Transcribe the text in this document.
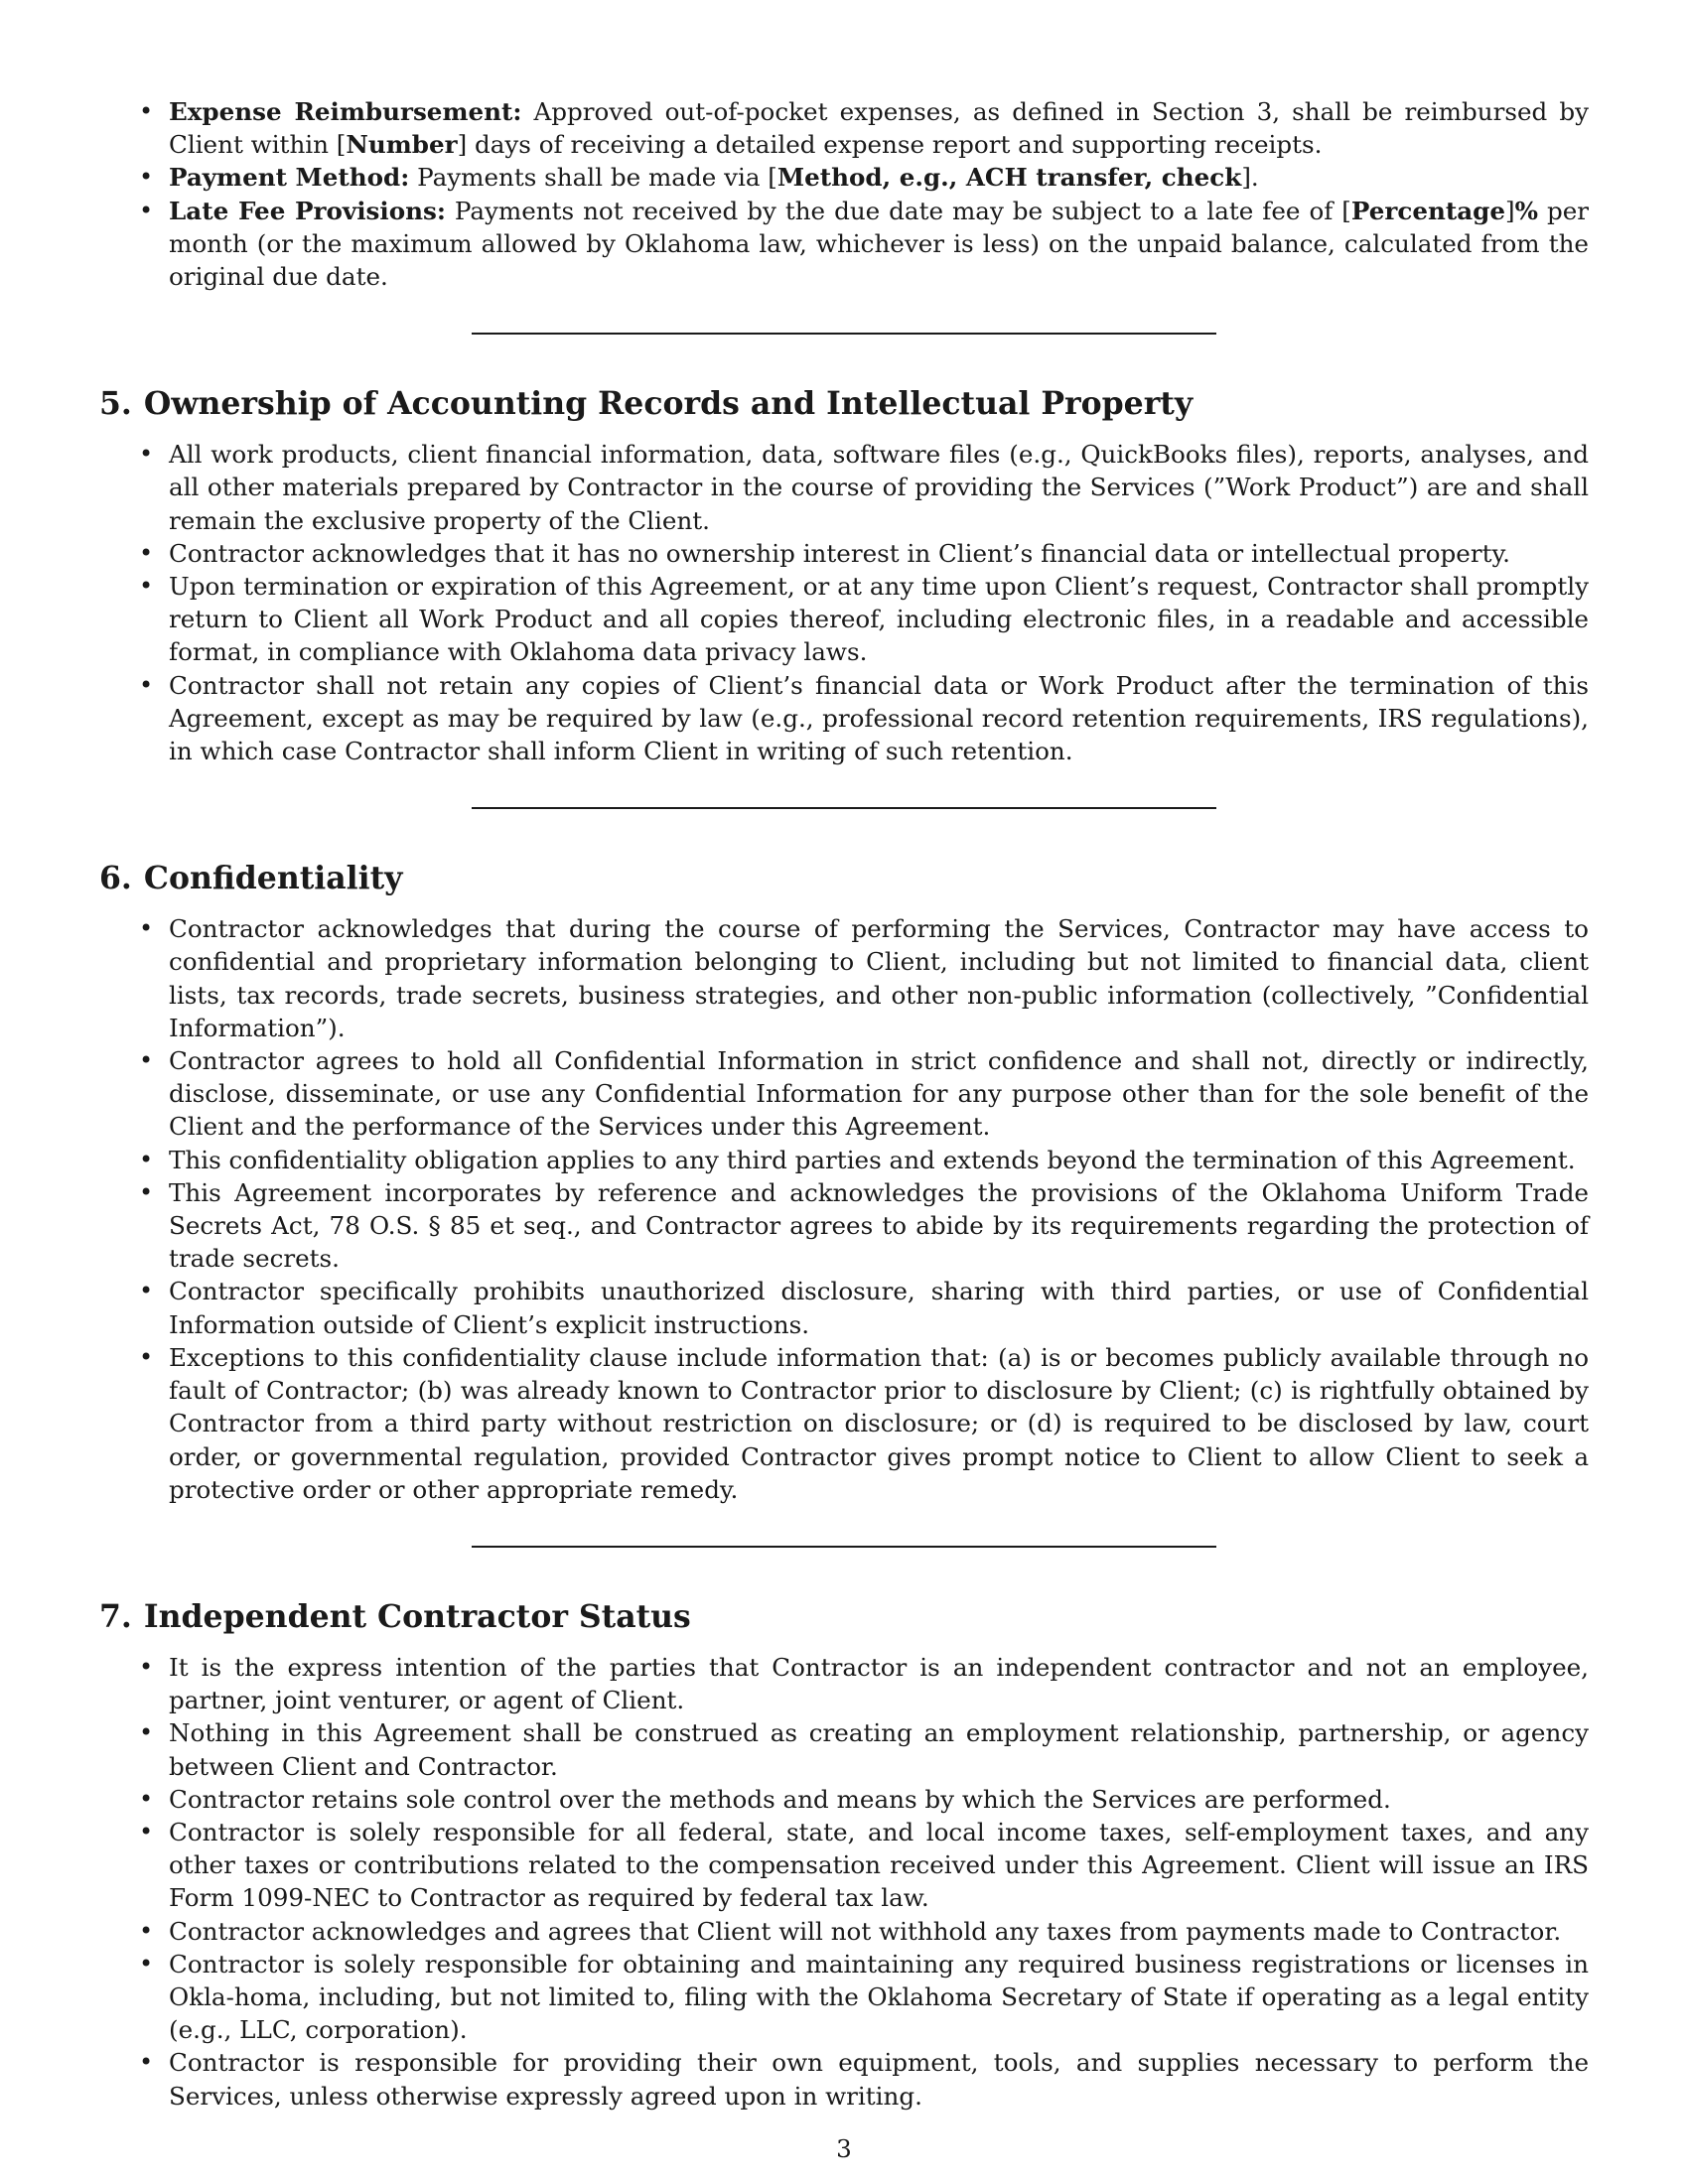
• Expense Reimbursement: Approved out-of-pocket expenses, as defined in Section 3, shall be reimbursed by Client within [Number] days of receiving a detailed expense report and supporting receipts.
• Payment Method: Payments shall be made via [Method, e.g., ACH transfer, check].
• Late Fee Provisions: Payments not received by the due date may be subject to a late fee of [Percentage]% per month (or the maximum allowed by Oklahoma law, whichever is less) on the unpaid balance, calculated from the original due date.
5. Ownership of Accounting Records and Intellectual Property
• All work products, client financial information, data, software files (e.g., QuickBooks files), reports, analyses, and all other materials prepared by Contractor in the course of providing the Services (”Work Product”) are and shall remain the exclusive property of the Client.
• Contractor acknowledges that it has no ownership interest in Client’s financial data or intellectual property.
• Upon termination or expiration of this Agreement, or at any time upon Client’s request, Contractor shall promptly return to Client all Work Product and all copies thereof, including electronic files, in a readable and accessible format, in compliance with Oklahoma data privacy laws.
• Contractor shall not retain any copies of Client’s financial data or Work Product after the termination of this Agreement, except as may be required by law (e.g., professional record retention requirements, IRS regulations), in which case Contractor shall inform Client in writing of such retention.
6. Confidentiality
• Contractor acknowledges that during the course of performing the Services, Contractor may have access to confidential and proprietary information belonging to Client, including but not limited to financial data, client lists, tax records, trade secrets, business strategies, and other non-public information (collectively, ”Confidential Information”).
• Contractor agrees to hold all Confidential Information in strict confidence and shall not, directly or indirectly, disclose, disseminate, or use any Confidential Information for any purpose other than for the sole benefit of the Client and the performance of the Services under this Agreement.
• This confidentiality obligation applies to any third parties and extends beyond the termination of this Agreement.
• This Agreement incorporates by reference and acknowledges the provisions of the Oklahoma Uniform Trade Secrets Act, 78 O.S. § 85 et seq., and Contractor agrees to abide by its requirements regarding the protection of trade secrets.
• Contractor specifically prohibits unauthorized disclosure, sharing with third parties, or use of Confidential Information outside of Client’s explicit instructions.
• Exceptions to this confidentiality clause include information that: (a) is or becomes publicly available through no fault of Contractor; (b) was already known to Contractor prior to disclosure by Client; (c) is rightfully obtained by Contractor from a third party without restriction on disclosure; or (d) is required to be disclosed by law, court order, or governmental regulation, provided Contractor gives prompt notice to Client to allow Client to seek a protective order or other appropriate remedy.
7. Independent Contractor Status
• It is the express intention of the parties that Contractor is an independent contractor and not an employee, partner, joint venturer, or agent of Client.
• Nothing in this Agreement shall be construed as creating an employment relationship, partnership, or agency between Client and Contractor.
• Contractor retains sole control over the methods and means by which the Services are performed.
• Contractor is solely responsible for all federal, state, and local income taxes, self-employment taxes, and any other taxes or contributions related to the compensation received under this Agreement. Client will issue an IRS Form 1099-NEC to Contractor as required by federal tax law.
• Contractor acknowledges and agrees that Client will not withhold any taxes from payments made to Contractor.
• Contractor is solely responsible for obtaining and maintaining any required business registrations or licenses in Okla-homa, including, but not limited to, filing with the Oklahoma Secretary of State if operating as a legal entity (e.g., LLC, corporation).
• Contractor is responsible for providing their own equipment, tools, and supplies necessary to perform the Services, unless otherwise expressly agreed upon in writing.
3
